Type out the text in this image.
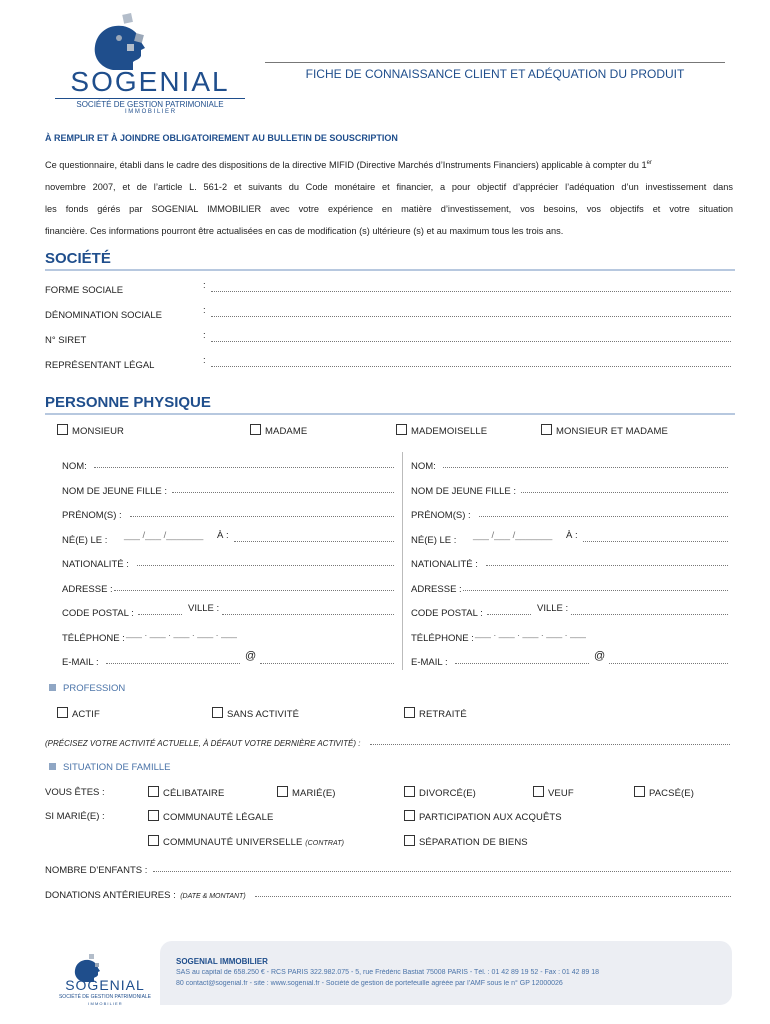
SOGENIAL
SOCIÉTÉ DE GESTION PATRIMONIALE
I M M O B I L I E R
FICHE DE CONNAISSANCE CLIENT ET ADÉQUATION DU PRODUIT
À REMPLIR ET À JOINDRE OBLIGATOIREMENT AU BULLETIN DE SOUSCRIPTION
Ce questionnaire, établi dans le cadre des dispositions de la directive MIFID (Directive Marchés d’Instruments Financiers) applicable à compter du 1er
novembre 2007, et de l’article L. 561-2 et suivants du Code monétaire et financier, a pour objectif d’apprécier l’adéquation d’un investissement dans
les fonds gérés par SOGENIAL IMMOBILIER avec votre expérience en matière d’investissement, vos besoins, vos objectifs et votre situation
financière. Ces informations pourront être actualisées en cas de modification (s) ultérieure (s) et au maximum tous les trois ans.
SOCIÉTÉ
FORME SOCIALE	:
DÉNOMINATION SOCIALE	:
N° SIRET	:
REPRÉSENTANT LÉGAL	:
PERSONNE PHYSIQUE
MONSIEUR	MADAME	MADEMOISELLE	MONSIEUR ET MADAME
NOM:
NOM DE JEUNE FILLE :
PRÉNOM(S) :
NÉ(E) LE : ___ /___ /_______ À :
NATIONALITÉ :
ADRESSE :
CODE POSTAL :	VILLE :
TÉLÉPHONE : ___ . ___ . ___ . ___ . ___
E-MAIL :
@
NOM:
NOM DE JEUNE FILLE :
PRÉNOM(S) :
NÉ(E) LE : ___ /___ /_______ À :
NATIONALITÉ :
ADRESSE :
CODE POSTAL :	VILLE :
TÉLÉPHONE : ___ . ___ . ___ . ___ . ___
E-MAIL :
@
PROFESSION
ACTIF	SANS ACTIVITÉ	RETRAITÉ
(PRÉCISEZ VOTRE ACTIVITÉ ACTUELLE, À DÉFAUT VOTRE DERNIÈRE ACTIVITÉ) :
SITUATION DE FAMILLE
VOUS ÊTES :	CÉLIBATAIRE	MARIÉ(E)	DIVORCÉ(E)	VEUF	PACSÉ(E)
SI MARIÉ(E) :	COMMUNAUTÉ LÉGALE	PARTICIPATION AUX ACQUÊTS
COMMUNAUTÉ UNIVERSELLE (CONTRAT)	SÉPARATION DE BIENS
NOMBRE D’ENFANTS :
DONATIONS ANTÉRIEURES : (DATE & MONTANT)
SOGENIAL
SOCIÉTÉ DE GESTION PATRIMONIALE
I M M O B I L I E R
SOGENIAL IMMOBILIER
SAS au capital de 658.250 € - RCS PARIS 322.982.075 - 5, rue Frédéric Bastiat 75008 PARIS - Tél. : 01 42 89 19 52 - Fax : 01 42 89 18
80 contact@sogenial.fr - site : www.sogenial.fr - Société de gestion de portefeuille agréée par l’AMF sous le n° GP 12000026
